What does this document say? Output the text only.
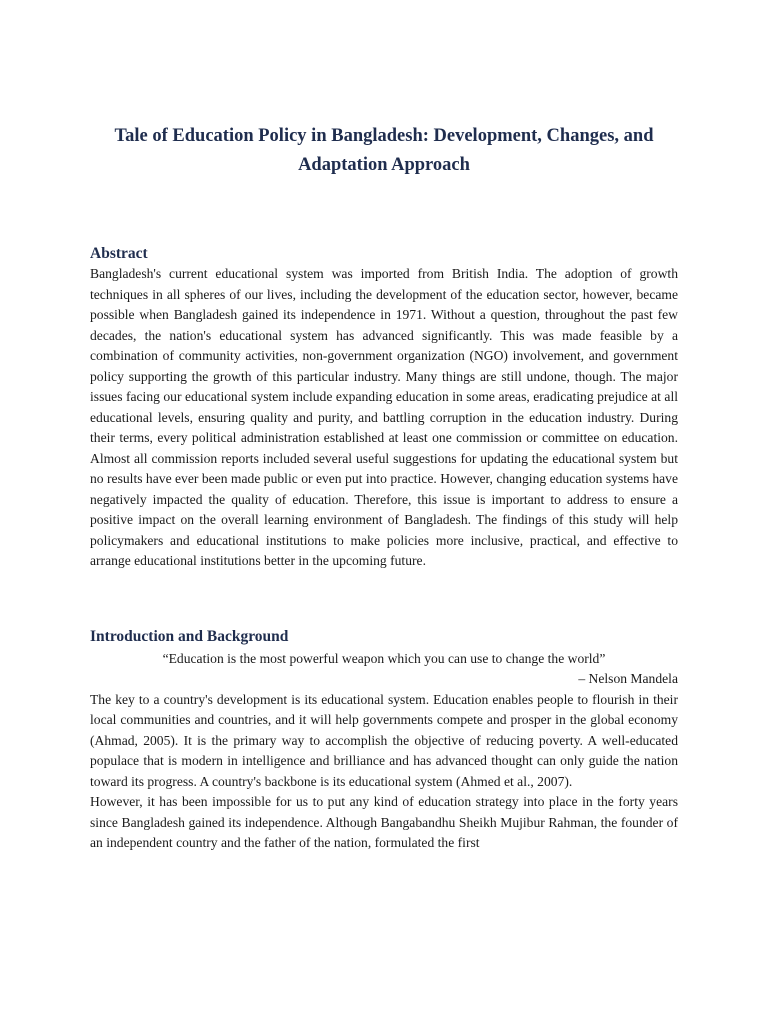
Tale of Education Policy in Bangladesh: Development, Changes, and Adaptation Approach
Abstract

Bangladesh's current educational system was imported from British India. The adoption of growth techniques in all spheres of our lives, including the development of the education sector, however, became possible when Bangladesh gained its independence in 1971. Without a question, throughout the past few decades, the nation's educational system has advanced significantly. This was made feasible by a combination of community activities, non-government organization (NGO) involvement, and government policy supporting the growth of this particular industry. Many things are still undone, though. The major issues facing our educational system include expanding education in some areas, eradicating prejudice at all educational levels, ensuring quality and purity, and battling corruption in the education industry. During their terms, every political administration established at least one commission or committee on education. Almost all commission reports included several useful suggestions for updating the educational system but no results have ever been made public or even put into practice. However, changing education systems have negatively impacted the quality of education. Therefore, this issue is important to address to ensure a positive impact on the overall learning environment of Bangladesh. The findings of this study will help policymakers and educational institutions to make policies more inclusive, practical, and effective to arrange educational institutions better in the upcoming future.

Introduction and Background
“Education is the most powerful weapon which you can use to change the world”
– Nelson Mandela

The key to a country's development is its educational system. Education enables people to flourish in their local communities and countries, and it will help governments compete and prosper in the global economy (Ahmad, 2005). It is the primary way to accomplish the objective of reducing poverty. A well-educated populace that is modern in intelligence and brilliance and has advanced thought can only guide the nation toward its progress. A country's backbone is its educational system (Ahmed et al., 2007).

However, it has been impossible for us to put any kind of education strategy into place in the forty years since Bangladesh gained its independence. Although Bangabandhu Sheikh Mujibur Rahman, the founder of an independent country and the father of the nation, formulated the first
